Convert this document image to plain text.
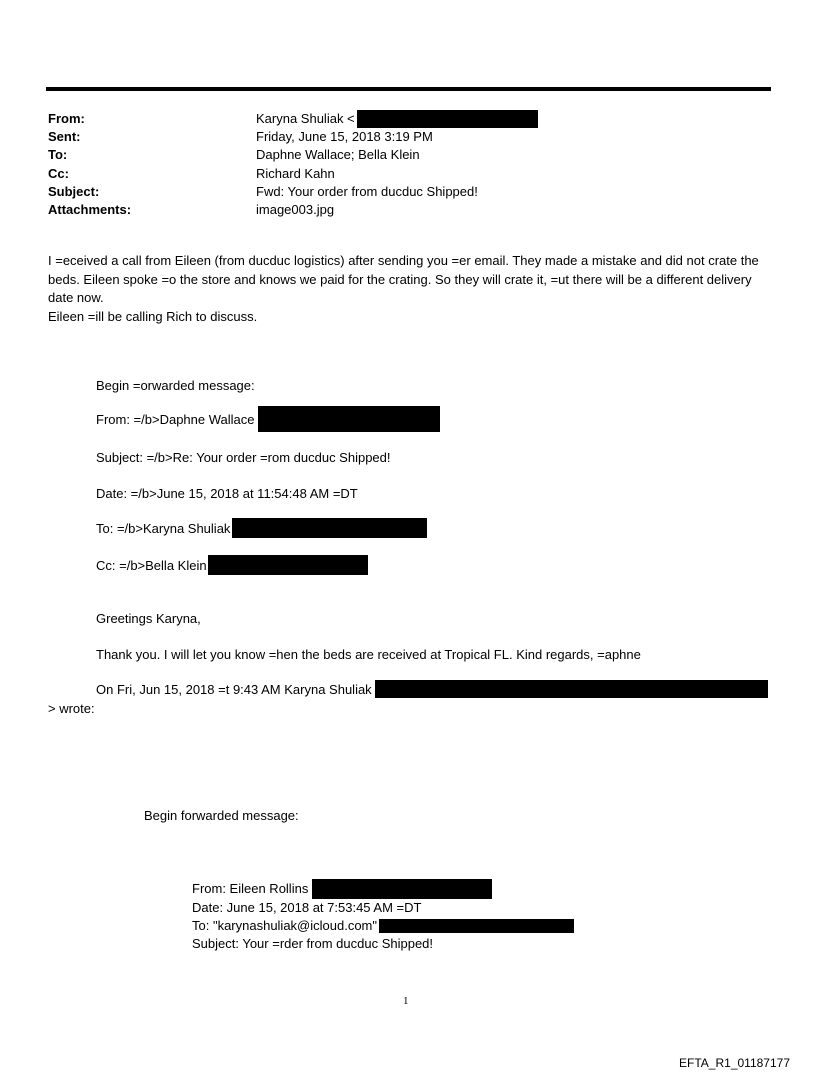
From:	Karyna Shuliak <
Sent:	Friday, June 15, 2018 3:19 PM
To:	Daphne Wallace; Bella Klein
Cc:	Richard Kahn
Subject:	Fwd: Your order from ducduc Shipped!
Attachments:	image003.jpg

I =eceived a call from Eileen (from ducduc logistics) after sending you =er email. They made a mistake and did not crate the beds. Eileen spoke =o the store and knows we paid for the crating. So they will crate it, =ut there will be a different delivery date now.

Eileen =ill be calling Rich to discuss.

Begin =orwarded message:
From: =/b>Daphne Wallace
Subject: =/b>Re: Your order =rom ducduc Shipped!
Date: =/b>June 15, 2018 at 11:54:48 AM =DT
To: =/b>Karyna Shuliak
Cc: =/b>Bella Klein
Greetings Karyna,
Thank you. I will let you know =hen the beds are received at Tropical FL. Kind regards, =aphne
On Fri, Jun 15, 2018 =t 9:43 AM Karyna Shuliak
> wrote:
Begin forwarded message:
From: Eileen Rollins
Date: June 15, 2018 at 7:53:45 AM =DT
To: "karynashuliak@icloud.com"
Subject: Your =rder from ducduc Shipped!
1
EFTA_R1_01187177
